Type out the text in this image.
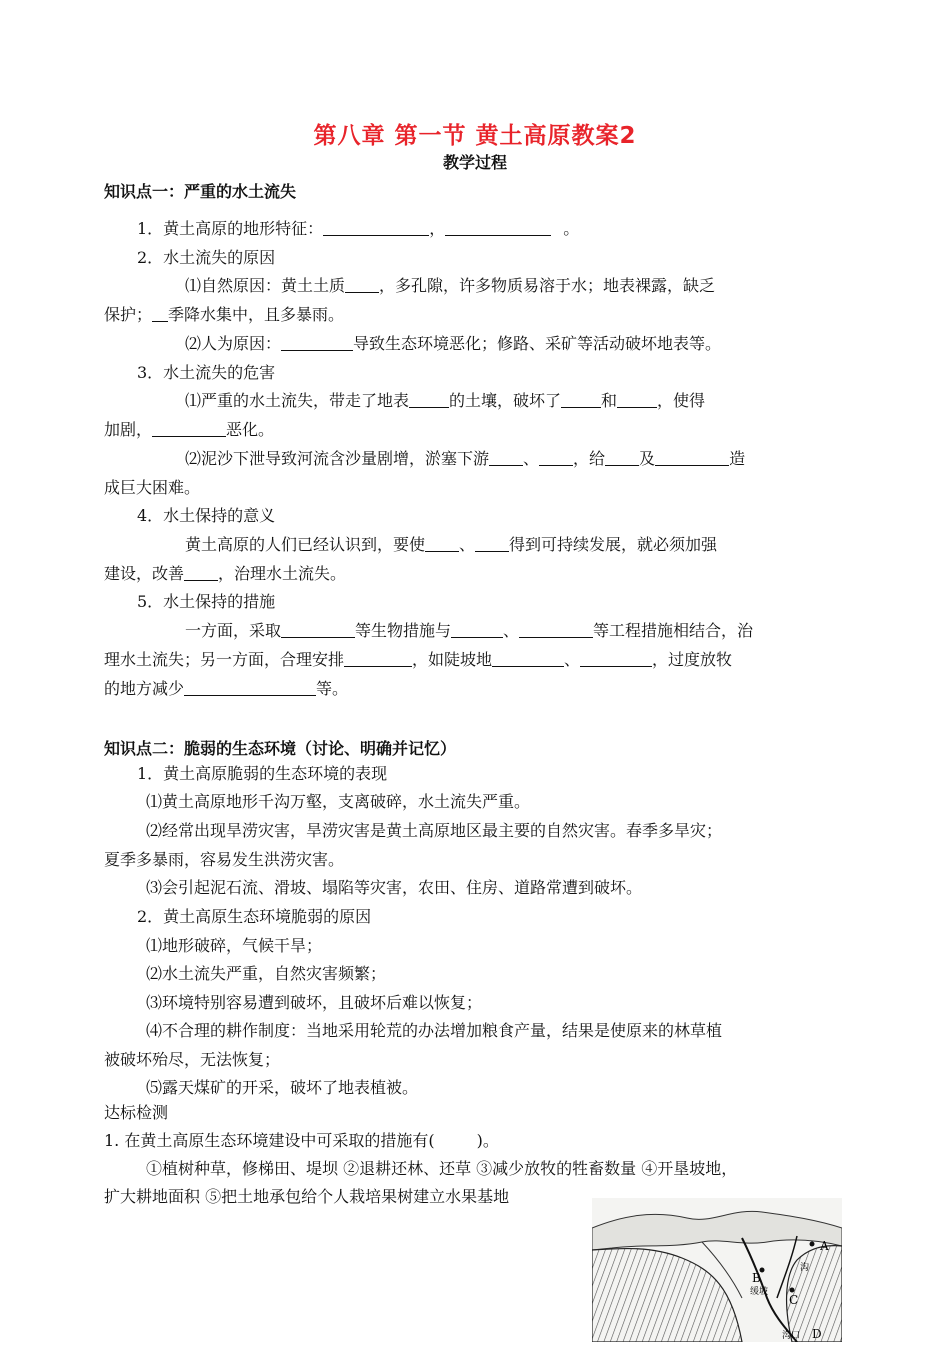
第八章 第一节 黄土高原教案2
教学过程
知识点一：严重的水土流失
1．黄土高原的地形特征：	，	。
2．水土流失的原因
⑴自然原因：黄土土质 ，多孔隙，许多物质易溶于水；地表裸露，缺乏
保护； 季降水集中，且多暴雨。
⑵人为原因：	导致生态环境恶化；修路、采矿等活动破坏地表等。
3．水土流失的危害
⑴严重的水土流失，带走了地表	的土壤，破坏了	和	，使得
加剧，	恶化。
⑵泥沙下泄导致河流含沙量剧增，淤塞下游 、 ，给 及	造
成巨大困难。
4．水土保持的意义
黄土高原的人们已经认识到，要使 、 得到可持续发展，就必须加强
建设，改善 ，治理水土流失。
5．水土保持的措施
一方面，采取	等生物措施与	、	等工程措施相结合，治
理水土流失；另一方面，合理安排	，如陡坡地	、	，过度放牧
的地方减少	等。
知识点二：脆弱的生态环境（讨论、明确并记忆）
1．黄土高原脆弱的生态环境的表现
⑴黄土高原地形千沟万壑，支离破碎，水土流失严重。
⑵经常出现旱涝灾害，旱涝灾害是黄土高原地区最主要的自然灾害。春季多旱灾；
夏季多暴雨，容易发生洪涝灾害。
⑶会引起泥石流、滑坡、塌陷等灾害，农田、住房、道路常遭到破坏。
2．黄土高原生态环境脆弱的原因
⑴地形破碎，气候干旱；
⑵水土流失严重，自然灾害频繁；
⑶环境特别容易遭到破坏，且破坏后难以恢复；
⑷不合理的耕作制度：当地采用轮荒的办法增加粮食产量，结果是使原来的林草植
被破坏殆尽，无法恢复；
⑸露天煤矿的开采，破坏了地表植被。
达标检测
1. 在黄土高原生态环境建设中可采取的措施有(	)。
①植树种草，修梯田、堤坝 ②退耕还林、还草 ③减少放牧的牲畜数量 ④开垦坡地，
扩大耕地面积 ⑤把土地承包给个人栽培果树建立水果基地
A
B
C
D
缓坡
沟
沟口
